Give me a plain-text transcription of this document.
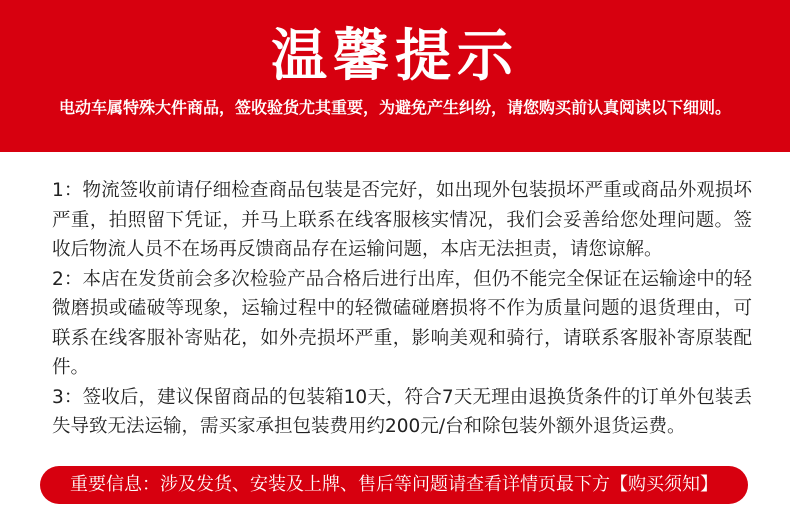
温馨提示
电动车属特殊大件商品，签收验货尤其重要，为避免产生纠纷，请您购买前认真阅读以下细则。

1：物流签收前请仔细检查商品包装是否完好，如出现外包装损坏严重或商品外观损坏严重，拍照留下凭证，并马上联系在线客服核实情况，我们会妥善给您处理问题。签收后物流人员不在场再反馈商品存在运输问题，本店无法担责，请您谅解。

2：本店在发货前会多次检验产品合格后进行出库，但仍不能完全保证在运输途中的轻微磨损或磕破等现象，运输过程中的轻微磕碰磨损将不作为质量问题的退货理由，可联系在线客服补寄贴花，如外壳损坏严重，影响美观和骑行，请联系客服补寄原装配件。

3：签收后，建议保留商品的包装箱10天，符合7天无理由退换货条件的订单外包装丢失导致无法运输，需买家承担包装费用约200元/台和除包装外额外退货运费。

重要信息：涉及发货、安装及上牌、售后等问题请查看详情页最下方【购买须知】
